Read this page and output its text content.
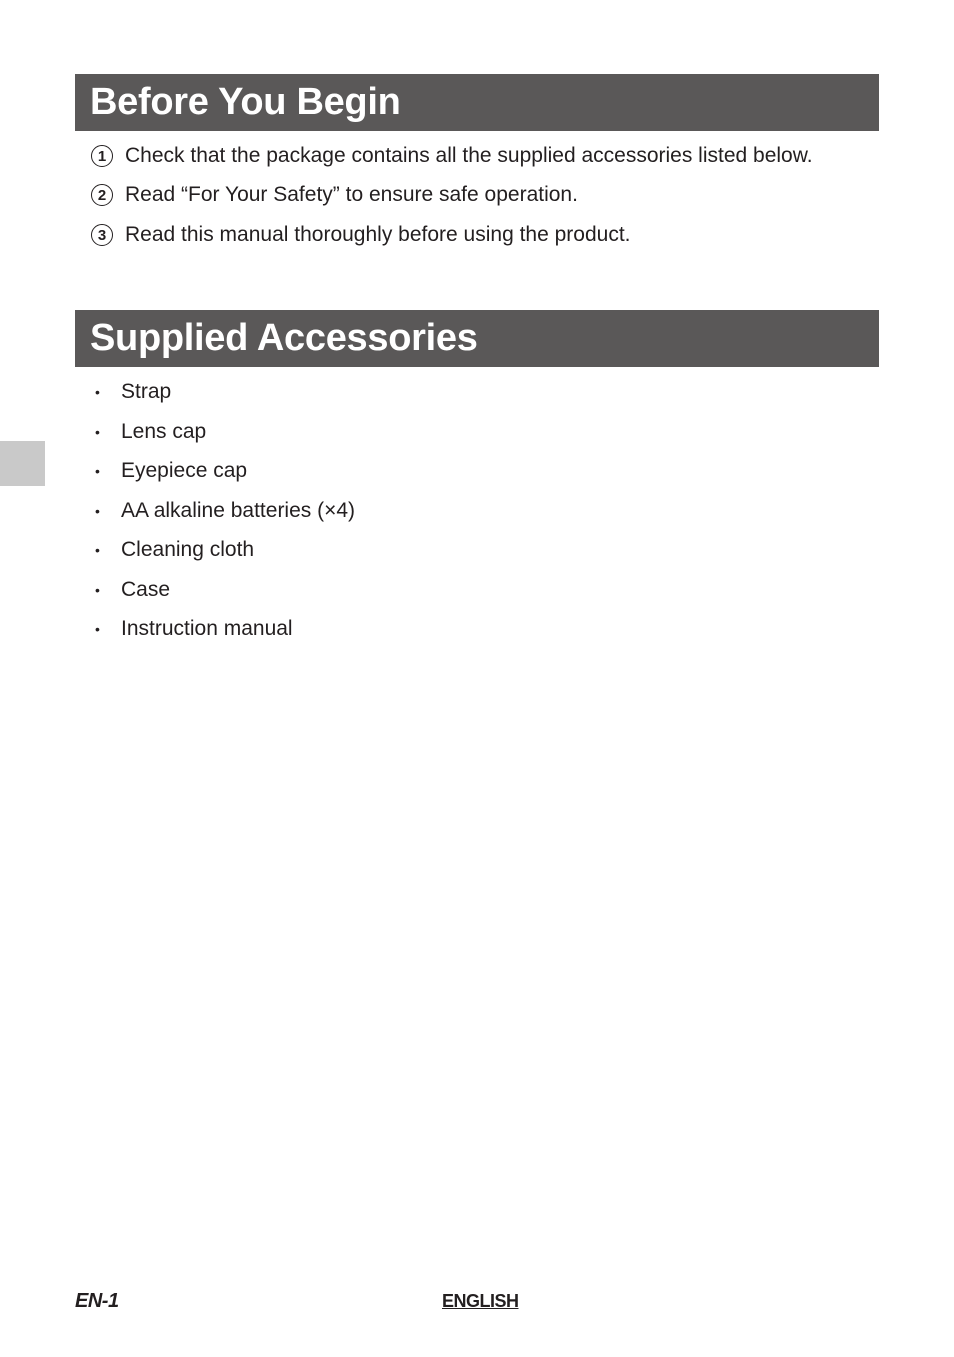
Before You Begin
1 Check that the package contains all the supplied accessories listed below.
2 Read “For Your Safety” to ensure safe operation.
3 Read this manual thoroughly before using the product.
Supplied Accessories
•	Strap
•	Lens cap
•	Eyepiece cap
•	AA alkaline batteries (×4)
•	Cleaning cloth
•	Case
•	Instruction manual
EN-1	ENGLISH
